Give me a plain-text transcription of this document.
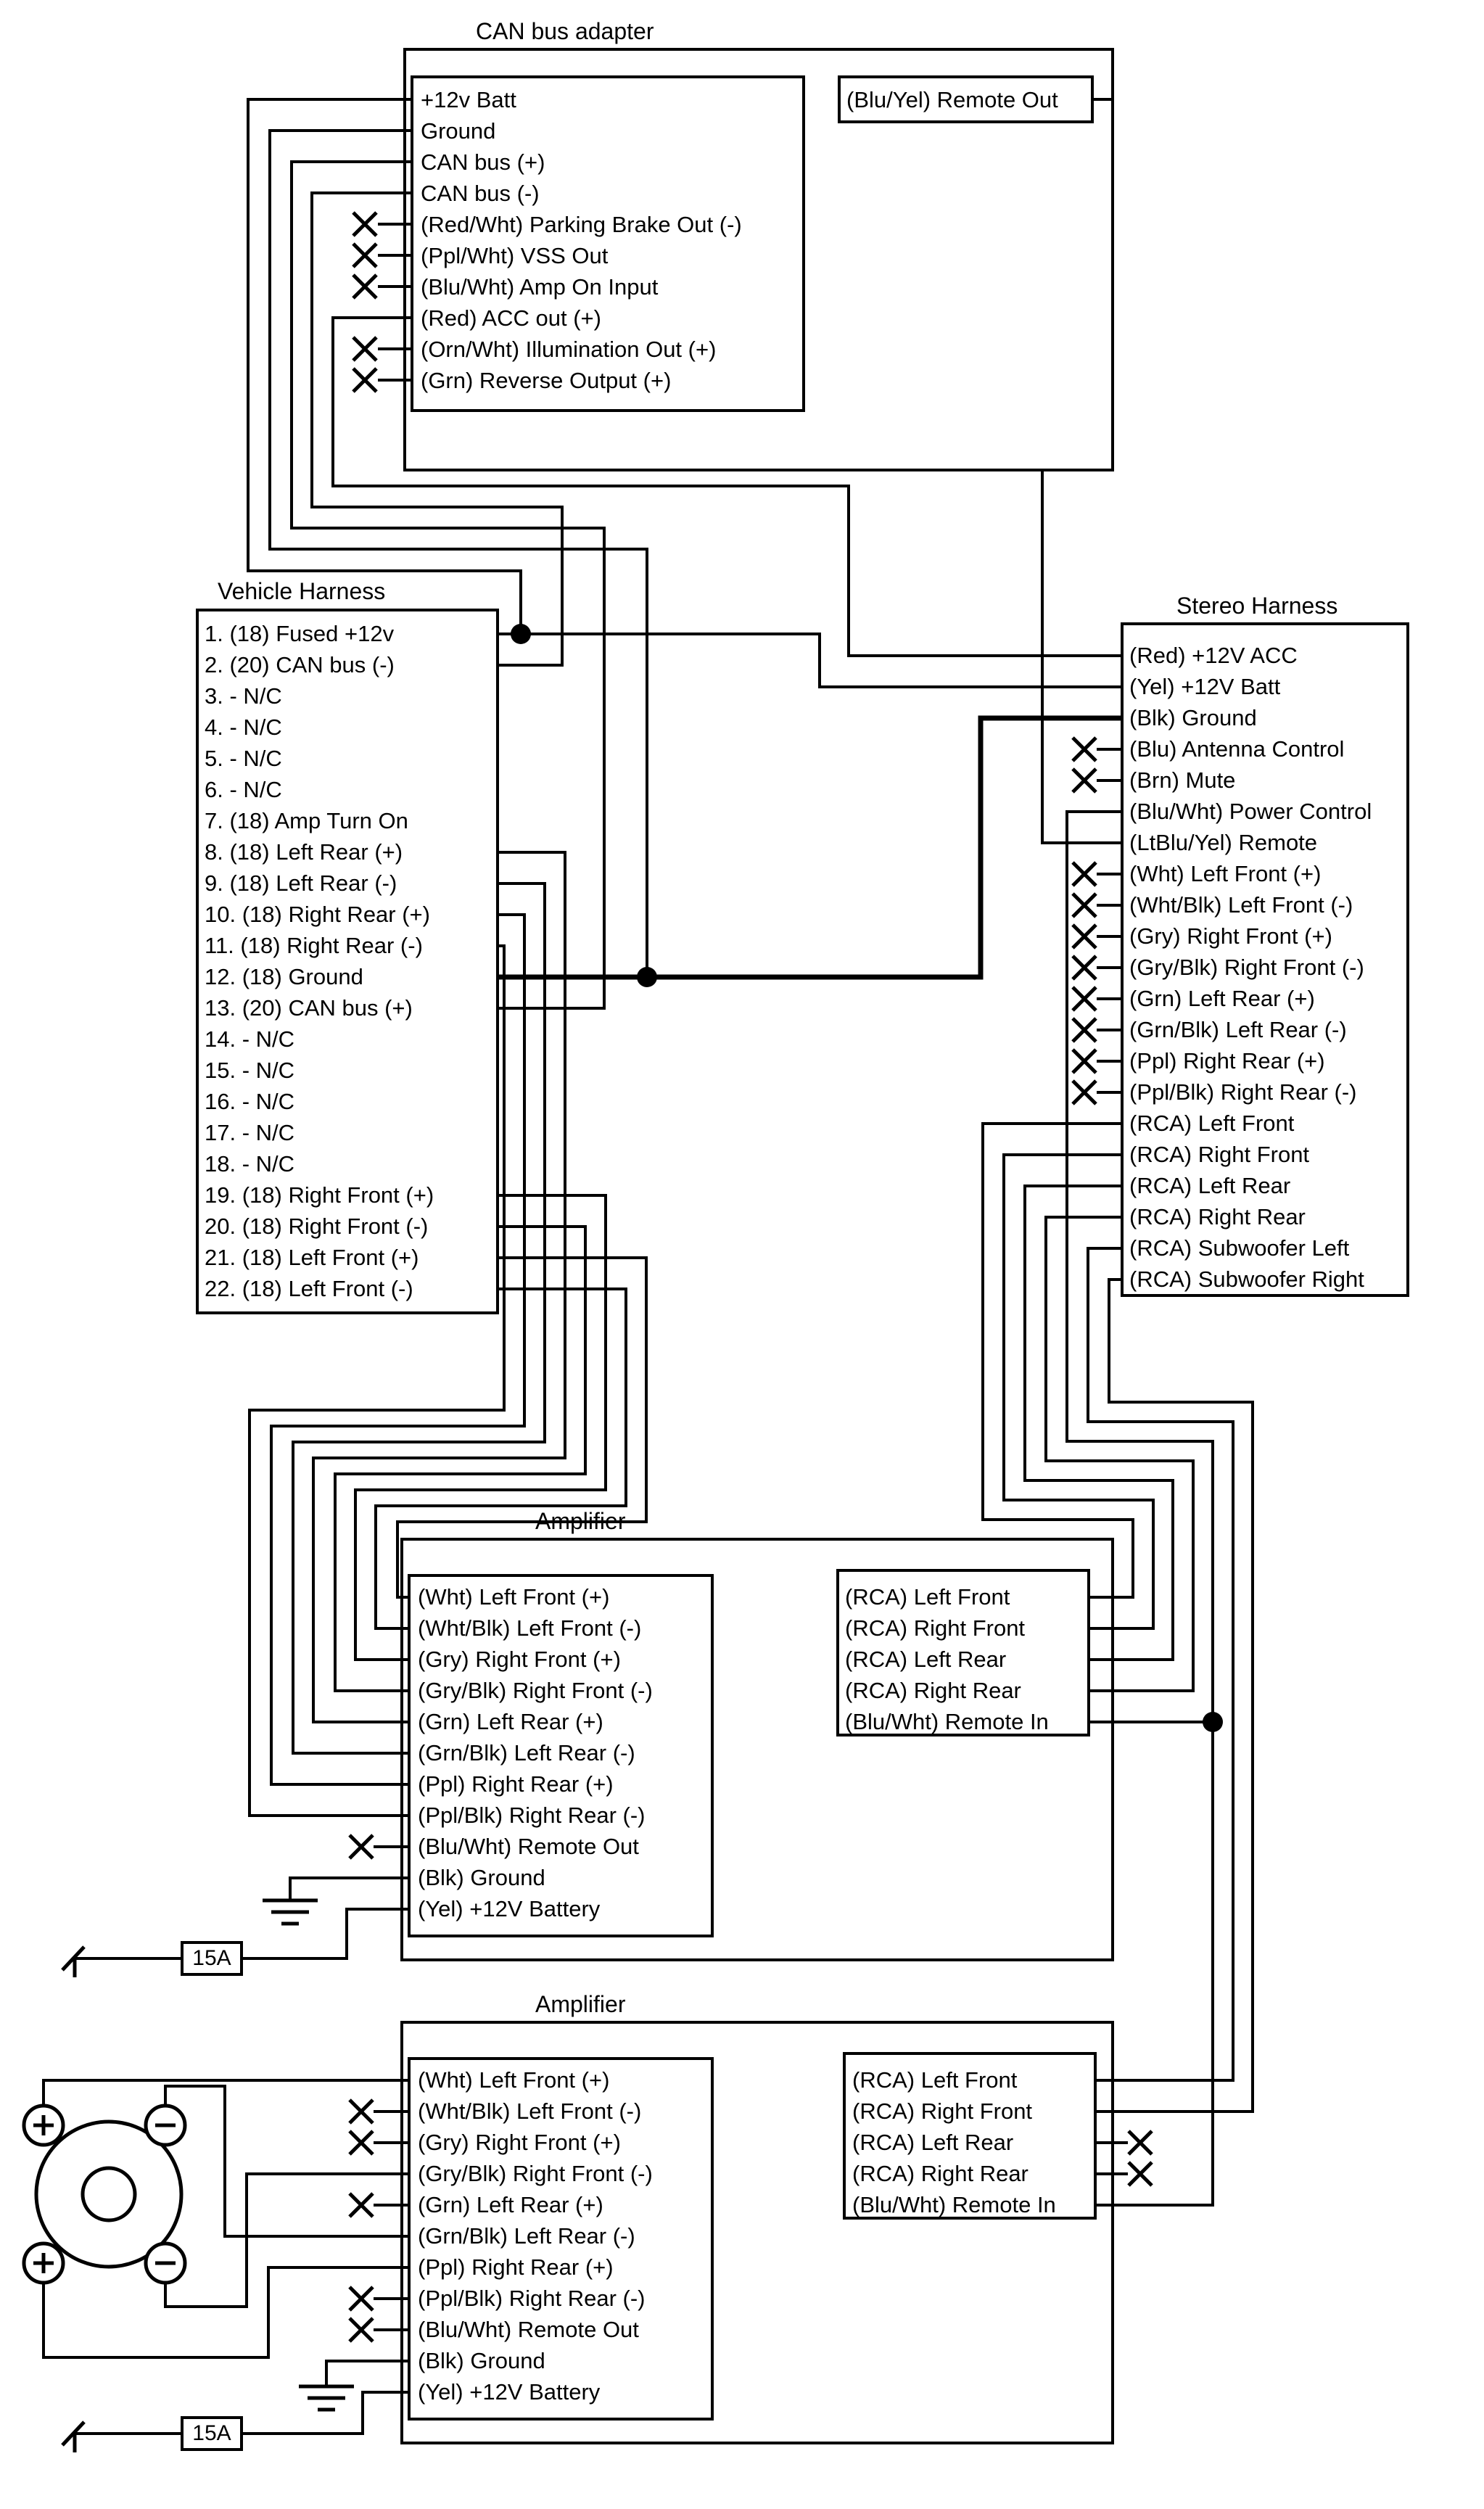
CAN bus adapter
Vehicle Harness
Stereo Harness
Amplifier
Amplifier
(Blu/Yel) Remote Out
+12v Batt
Ground
CAN bus (+)
CAN bus (-)
(Red/Wht) Parking Brake Out (-)
(Ppl/Wht) VSS Out
(Blu/Wht) Amp On Input
(Red) ACC out (+)
(Orn/Wht) Illumination Out (+)
(Grn) Reverse Output (+)
1. (18) Fused +12v
2. (20) CAN bus (-)
3. - N/C
4. - N/C
5. - N/C
6. - N/C
7. (18) Amp Turn On
8. (18) Left Rear (+)
9. (18) Left Rear (-)
10. (18) Right Rear (+)
11. (18) Right Rear (-)
12. (18) Ground
13. (20) CAN bus (+)
14. - N/C
15. - N/C
16. - N/C
17. - N/C
18. - N/C
19. (18) Right Front (+)
20. (18) Right Front (-)
21. (18) Left Front (+)
22. (18) Left Front (-)
(Red) +12V ACC
(Yel) +12V Batt
(Blk) Ground
(Blu) Antenna Control
(Brn) Mute
(Blu/Wht) Power Control
(LtBlu/Yel) Remote
(Wht) Left Front (+)
(Wht/Blk) Left Front (-)
(Gry) Right Front (+)
(Gry/Blk) Right Front (-)
(Grn) Left Rear (+)
(Grn/Blk) Left Rear (-)
(Ppl) Right Rear (+)
(Ppl/Blk) Right Rear (-)
(RCA) Left Front
(RCA) Right Front
(RCA) Left Rear
(RCA) Right Rear
(RCA) Subwoofer Left
(RCA) Subwoofer Right
(Wht) Left Front (+)
(Wht/Blk) Left Front (-)
(Gry) Right Front (+)
(Gry/Blk) Right Front (-)
(Grn) Left Rear (+)
(Grn/Blk) Left Rear (-)
(Ppl) Right Rear (+)
(Ppl/Blk) Right Rear (-)
(Blu/Wht) Remote Out
(Blk) Ground
(Yel) +12V Battery
(RCA) Left Front
(RCA) Right Front
(RCA) Left Rear
(RCA) Right Rear
(Blu/Wht) Remote In
(Wht) Left Front (+)
(Wht/Blk) Left Front (-)
(Gry) Right Front (+)
(Gry/Blk) Right Front (-)
(Grn) Left Rear (+)
(Grn/Blk) Left Rear (-)
(Ppl) Right Rear (+)
(Ppl/Blk) Right Rear (-)
(Blu/Wht) Remote Out
(Blk) Ground
(Yel) +12V Battery
(RCA) Left Front
(RCA) Right Front
(RCA) Left Rear
(RCA) Right Rear
(Blu/Wht) Remote In
15A
15A
